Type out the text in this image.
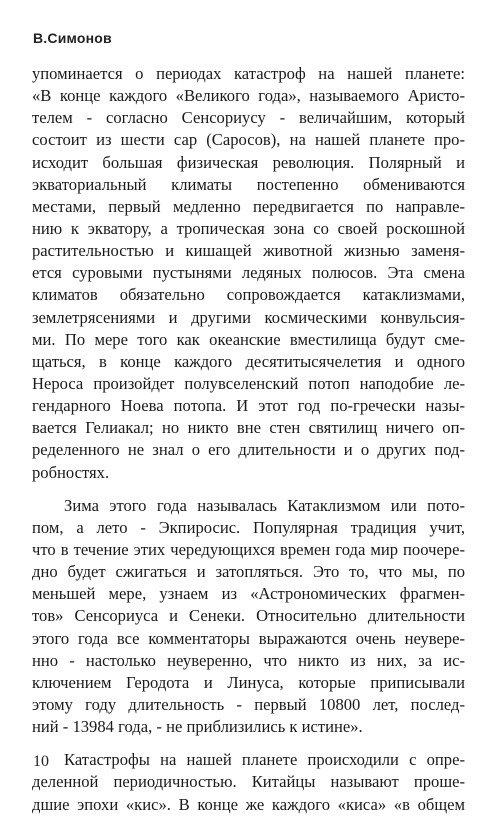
В.Симонов
упоминается о периодах катастроф на нашей планете:
«В конце каждого «Великого года», называемого Аристо-
телем - согласно Сенсориусу - величайшим, который
состоит из шести сар (Саросов), на нашей планете про-
исходит большая физическая революция. Полярный и
экваториальный климаты постепенно обмениваются
местами, первый медленно передвигается по направле-
нию к экватору, а тропическая зона со своей роскошной
растительностью и кишащей животной жизнью заменя-
ется суровыми пустынями ледяных полюсов. Эта смена
климатов обязательно сопровождается катаклизмами,
землетрясениями и другими космическими конвульсия-
ми. По мере того как океанские вместилища будут сме-
щаться, в конце каждого десятитысячелетия и одного
Нероса произойдет полувселенский потоп наподобие ле-
гендарного Ноева потопа. И этот год по-гречески назы-
вается Гелиакал; но никто вне стен святилищ ничего оп-
ределенного не знал о его длительности и о других под-
робностях.
Зима этого года называлась Катаклизмом или пото-
пом, а лето - Экпиросис. Популярная традиция учит,
что в течение этих чередующихся времен года мир поочере-
дно будет сжигаться и затопляться. Это то, что мы, по
меньшей мере, узнаем из «Астрономических фрагмен-
тов» Сенсориуса и Сенеки. Относительно длительности
этого года все комментаторы выражаются очень неувере-
нно - настолько неуверенно, что никто из них, за ис-
ключением Геродота и Линуса, которые приписывали
этому году длительность - первый 10800 лет, послед-
ний - 13984 года, - не приблизились к истине».
Катастрофы на нашей планете происходили с опре-
деленной периодичностью. Китайцы называют проше-
дшие эпохи «кис». В конце же каждого «киса» «в общем
10
